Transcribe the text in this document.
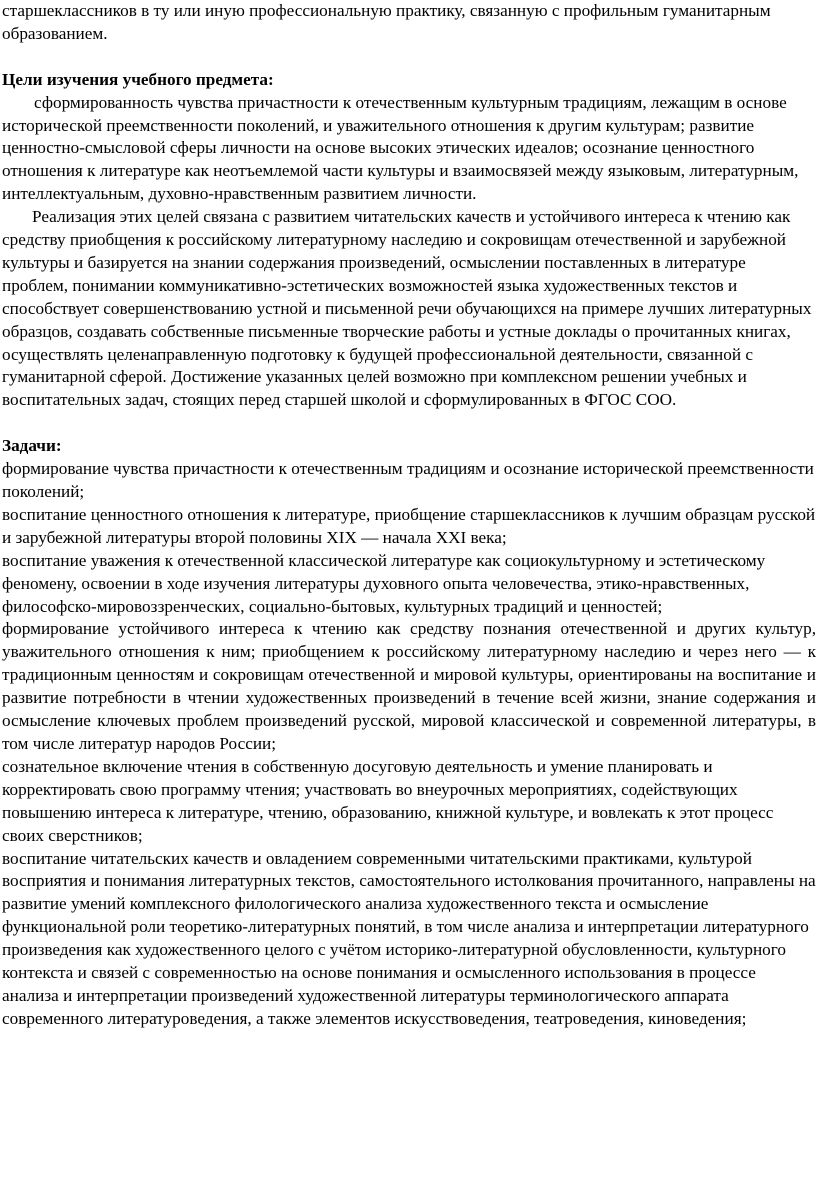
старшеклассников в ту или иную профессиональную практику, связанную с профильным гуманитарным образованием.

Цели изучения учебного предмета:

сформированность чувства причастности к отечественным культурным традициям, лежащим в основе исторической преемственности поколений, и уважительного отношения к другим культурам; развитие ценностно-смысловой сферы личности на основе высоких этических идеалов; осознание ценностного отношения к литературе как неотъемлемой части культуры и взаимосвязей между языковым, литературным, интеллектуальным, духовно-нравственным развитием личности.

Реализация этих целей связана с развитием читательских качеств и устойчивого интереса к чтению как средству приобщения к российскому литературному наследию и сокровищам отечественной и зарубежной культуры и базируется на знании содержания произведений, осмыслении поставленных в литературе проблем, понимании коммуникативно-эстетических возможностей языка художественных текстов и способствует совершенствованию устной и письменной речи обучающихся на примере лучших литературных образцов, создавать собственные письменные творческие работы и устные доклады о прочитанных книгах, осуществлять целенаправленную подготовку к будущей профессиональной деятельности, связанной с гуманитарной сферой. Достижение указанных целей возможно при комплексном решении учебных и воспитательных задач, стоящих перед старшей школой и сформулированных в ФГОС СОО.

Задачи:

формирование чувства причастности к отечественным традициям и осознание исторической преемственности поколений;

воспитание ценностного отношения к литературе, приобщение старшеклассников к лучшим образцам русской и зарубежной литературы второй половины XIX — начала XXI века;

воспитание уважения к отечественной классической литературе как социокультурному и эстетическому феномену, освоении в ходе изучения литературы духовного опыта человечества, этико-нравственных, философско-мировоззренческих, социально-бытовых, культурных традиций и ценностей;

формирование устойчивого интереса к чтению как средству познания отечественной и других культур, уважительного отношения к ним; приобщением к российскому литературному наследию и через него — к традиционным ценностям и сокровищам отечественной и мировой культуры, ориентированы на воспитание и развитие потребности в чтении художественных произведений в течение всей жизни, знание содержания и осмысление ключевых проблем произведений русской, мировой классической и современной литературы, в том числе литератур народов России;

сознательное включение чтения в собственную досуговую деятельность и умение планировать и корректировать свою программу чтения; участвовать во внеурочных мероприятиях, содействующих повышению интереса к литературе, чтению, образованию, книжной культуре, и вовлекать к этот процесс своих сверстников;

воспитание читательских качеств и овладением современными читательскими практиками, культурой восприятия и понимания литературных текстов, самостоятельного истолкования прочитанного, направлены на развитие умений комплексного филологического анализа художественного текста и осмысление функциональной роли теоретико-литературных понятий, в том числе анализа и интерпретации литературного произведения как художественного целого с учётом историко-литературной обусловленности, культурного контекста и связей с современностью на основе понимания и осмысленного использования в процессе анализа и интерпретации произведений художественной литературы терминологического аппарата современного литературоведения, а также элементов искусствоведения, театроведения, киноведения;
